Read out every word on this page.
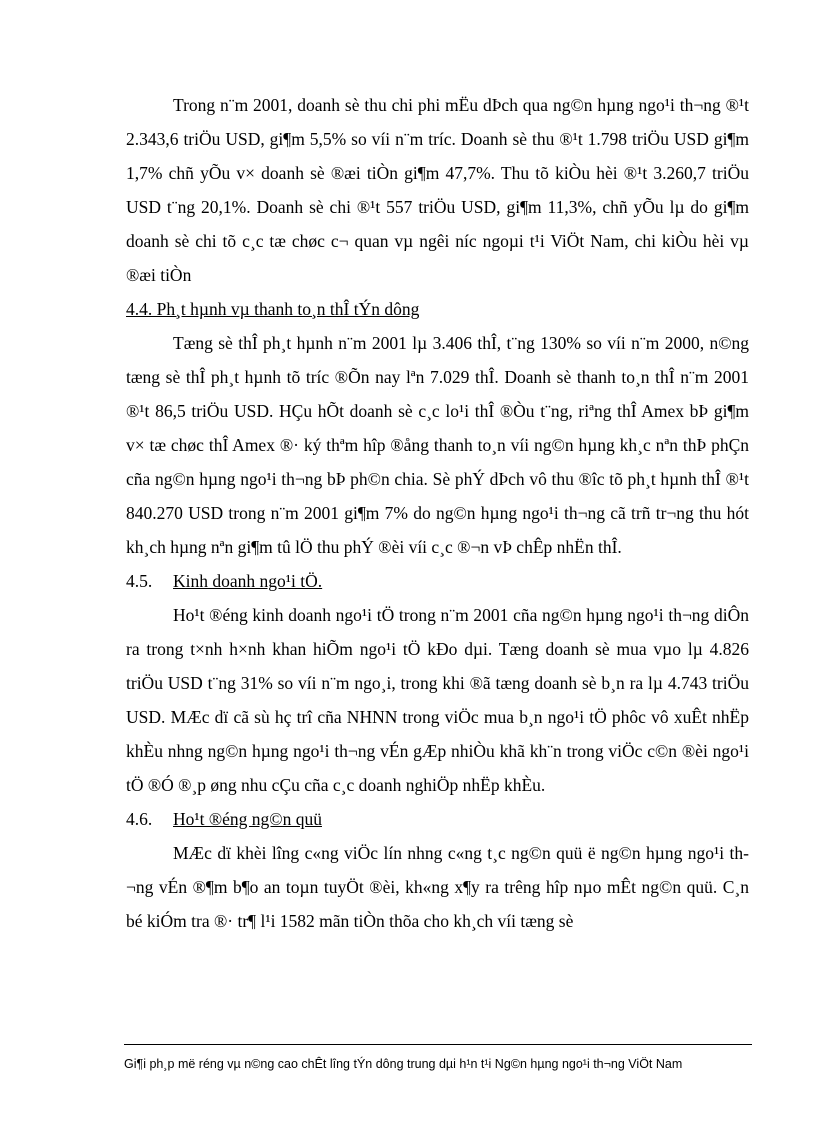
Trong n¨m 2001, doanh sè thu chi phi mËu dÞch qua ng©n hµng ngo¹i th¬ng ®¹t 2.343,6 triÖu USD, gi¶m 5,5% so víi n¨m tríc. Doanh sè thu ®¹t 1.798 triÖu USD gi¶m 1,7% chñ yÕu v× doanh sè ®æi tiÒn gi¶m 47,7%. Thu tõ kiÒu hèi ®¹t 3.260,7 triÖu USD t¨ng 20,1%. Doanh sè chi ®¹t 557 triÖu USD, gi¶m 11,3%, chñ yÕu lµ do gi¶m doanh sè chi tõ c¸c tæ chøc c¬ quan vµ ngêi níc ngoµi t¹i ViÖt Nam, chi kiÒu hèi vµ ®æi tiÒn

4.4. Ph¸t hµnh vµ thanh to¸n thÎ tÝn dông

Tæng sè thÎ ph¸t hµnh n¨m 2001 lµ 3.406 thÎ, t¨ng 130% so víi n¨m 2000, n©ng tæng sè thÎ ph¸t hµnh tõ tríc ®Õn nay lªn 7.029 thÎ. Doanh sè thanh to¸n thÎ n¨m 2001 ®¹t 86,5 triÖu USD. HÇu hÕt doanh sè c¸c lo¹i thÎ ®Òu t¨ng, riªng thÎ Amex bÞ gi¶m v× tæ chøc thÎ Amex ®· ký thªm hîp ®ång thanh to¸n víi ng©n hµng kh¸c nªn thÞ phÇn cña ng©n hµng ngo¹i th¬ng bÞ ph©n chia. Sè phÝ dÞch vô thu ®îc tõ ph¸t hµnh thÎ ®¹t 840.270 USD trong n¨m 2001 gi¶m 7% do ng©n hµng ngo¹i th¬ng cã trñ tr¬ng thu hót kh¸ch hµng nªn gi¶m tû lÖ thu phÝ ®èi víi c¸c ®¬n vÞ chÊp nhËn thÎ.

4.5.	Kinh doanh ngo¹i tÖ.

Ho¹t ®éng kinh doanh ngo¹i tÖ trong n¨m 2001 cña ng©n hµng ngo¹i th¬ng diÔn ra trong t×nh h×nh khan hiÕm ngo¹i tÖ kÐo dµi. Tæng doanh sè mua vµo lµ 4.826 triÖu USD t¨ng 31% so víi n¨m ngo¸i, trong khi ®ã tæng doanh sè b¸n ra lµ 4.743 triÖu USD. MÆc dï cã sù hç trî cña NHNN trong viÖc mua b¸n ngo¹i tÖ phôc vô xuÊt nhËp khÈu nhng ng©n hµng ngo¹i th¬ng vÉn gÆp nhiÒu khã kh¨n trong viÖc c©n ®èi ngo¹i tÖ ®Ó ®¸p øng nhu cÇu cña c¸c doanh nghiÖp nhËp khÈu.

4.6.	Ho¹t ®éng ng©n quü

MÆc dï khèi lîng c«ng viÖc lín nhng c«ng t¸c ng©n quü ë ng©n hµng ngo¹i th¬ng vÉn ®¶m b¶o an toµn tuyÖt ®èi, kh«ng x¶y ra trêng hîp nµo mÊt ng©n quü. C¸n bé kiÓm tra ®· tr¶ l¹i 1582 mãn tiÒn thõa cho kh¸ch víi tæng sè

Gi¶i ph¸p më réng vµ n©ng cao chÊt lîng tÝn dông trung dµi h¹n t¹i Ng©n hµng ngo¹i th¬ng ViÖt Nam
